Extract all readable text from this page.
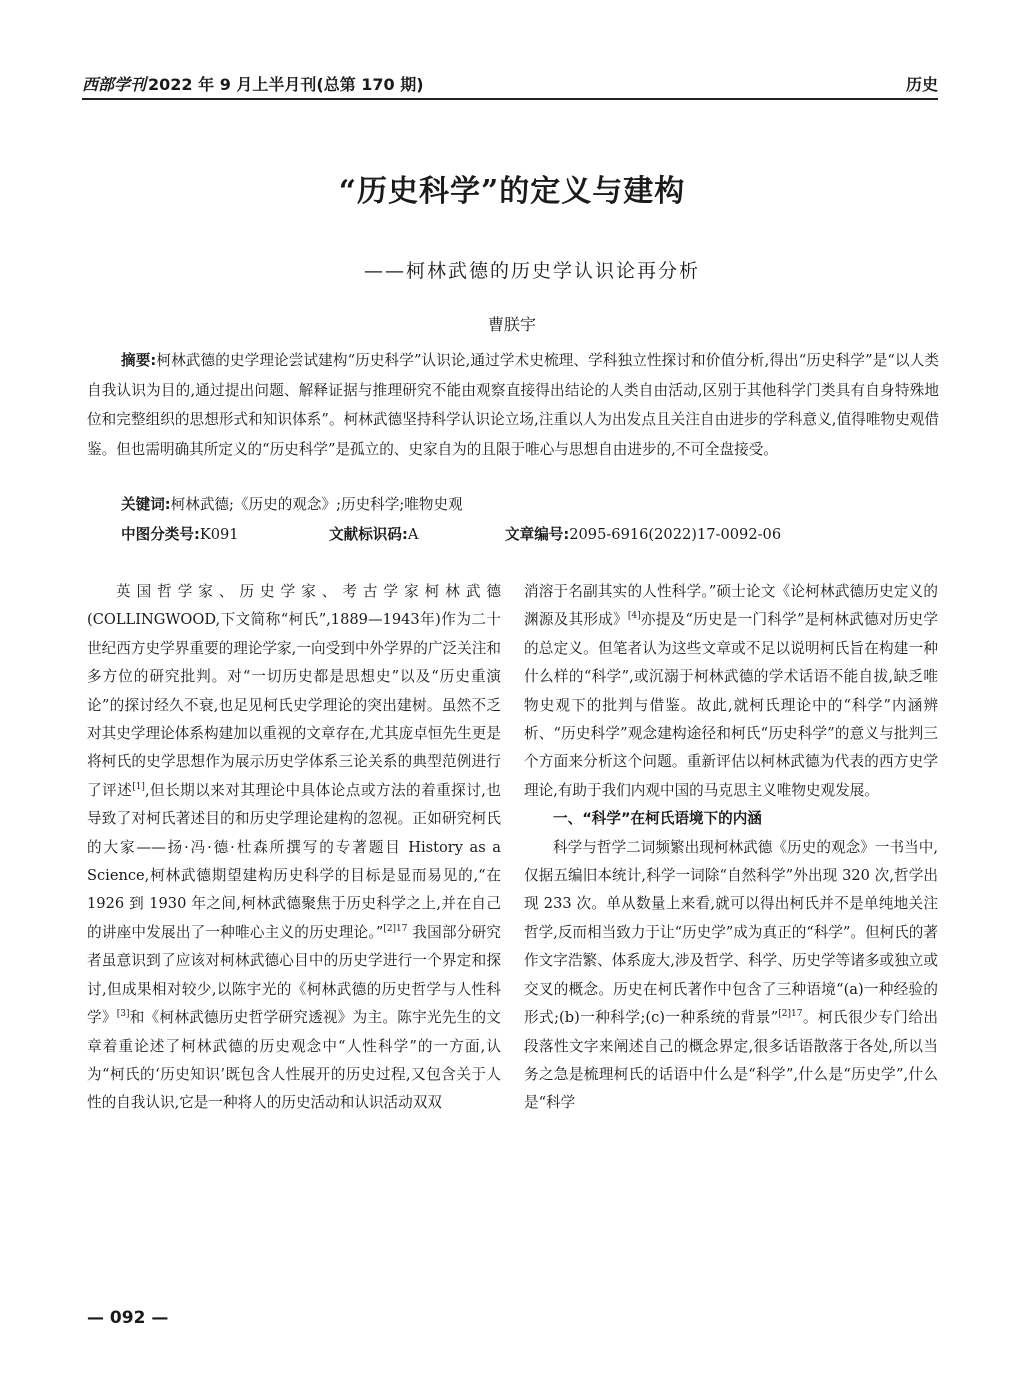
西部学刊 2022 年 9 月上半月刊(总第 170 期)	历史
“历史科学”的定义与建构
——柯林武德的历史学认识论再分析
曹朕宇
摘要:柯林武德的史学理论尝试建构“历史科学”认识论,通过学术史梳理、学科独立性探讨和价值分析,得出“历史科学”是“以人类自我认识为目的,通过提出问题、解释证据与推理研究不能由观察直接得出结论的人类自由活动,区别于其他科学门类具有自身特殊地位和完整组织的思想形式和知识体系”。柯林武德坚持科学认识论立场,注重以人为出发点且关注自由进步的学科意义,值得唯物史观借鉴。但也需明确其所定义的“历史科学”是孤立的、史家自为的且限于唯心与思想自由进步的,不可全盘接受。
关键词:柯林武德;《历史的观念》;历史科学;唯物史观
中图分类号:K091	文献标识码:A	文章编号:2095-6916(2022)17-0092-06

英国哲学家、历史学家、考古学家柯林武德(COLLINGWOOD,下文简称“柯氏”,1889—1943年)作为二十世纪西方史学界重要的理论学家,一向受到中外学界的广泛关注和多方位的研究批判。对“一切历史都是思想史”以及“历史重演论”的探讨经久不衰,也足见柯氏史学理论的突出建树。虽然不乏对其史学理论体系构建加以重视的文章存在,尤其庞卓恒先生更是将柯氏的史学思想作为展示历史学体系三论关系的典型范例进行了评述[1],但长期以来对其理论中具体论点或方法的着重探讨,也导致了对柯氏著述目的和历史学理论建构的忽视。正如研究柯氏的大家——扬·冯·德·杜森所撰写的专著题目 History as a Science,柯林武德期望建构历史科学的目标是显而易见的,“在 1926 到 1930 年之间,柯林武德聚焦于历史科学之上,并在自己的讲座中发展出了一种唯心主义的历史理论。”$^{[2]17}$ 我国部分研究者虽意识到了应该对柯林武德心目中的历史学进行一个界定和探讨,但成果相对较少,以陈宇光的《柯林武德的历史哲学与人性科学》[3]和《柯林武德历史哲学研究透视》为主。陈宇光先生的文章着重论述了柯林武德的历史观念中“人性科学”的一方面,认为“柯氏的‘历史知识’既包含人性展开的历史过程,又包含关于人性的自我认识,它是一种将人的历史活动和认识活动双双

消溶于名副其实的人性科学。”硕士论文《论柯林武德历史定义的渊源及其形成》[4]亦提及“历史是一门科学”是柯林武德对历史学的总定义。但笔者认为这些文章或不足以说明柯氏旨在构建一种什么样的“科学”,或沉溺于柯林武德的学术话语不能自拔,缺乏唯物史观下的批判与借鉴。故此,就柯氏理论中的“科学”内涵辨析、“历史科学”观念建构途径和柯氏“历史科学”的意义与批判三个方面来分析这个问题。重新评估以柯林武德为代表的西方史学理论,有助于我们内观中国的马克思主义唯物史观发展。

一、“科学”在柯氏语境下的内涵

科学与哲学二词频繁出现柯林武德《历史的观念》一书当中,仅据五编旧本统计,科学一词除“自然科学”外出现 320 次,哲学出现 233 次。单从数量上来看,就可以得出柯氏并不是单纯地关注哲学,反而相当致力于让“历史学”成为真正的“科学”。但柯氏的著作文字浩繁、体系庞大,涉及哲学、科学、历史学等诸多或独立或交叉的概念。历史在柯氏著作中包含了三种语境“(a)一种经验的形式;(b)一种科学;(c)一种系统的背景”$^{[2]17}$。柯氏很少专门给出段落性文字来阐述自己的概念界定,很多话语散落于各处,所以当务之急是梳理柯氏的话语中什么是“科学”,什么是“历史学”,什么是“科学

— 092 —
